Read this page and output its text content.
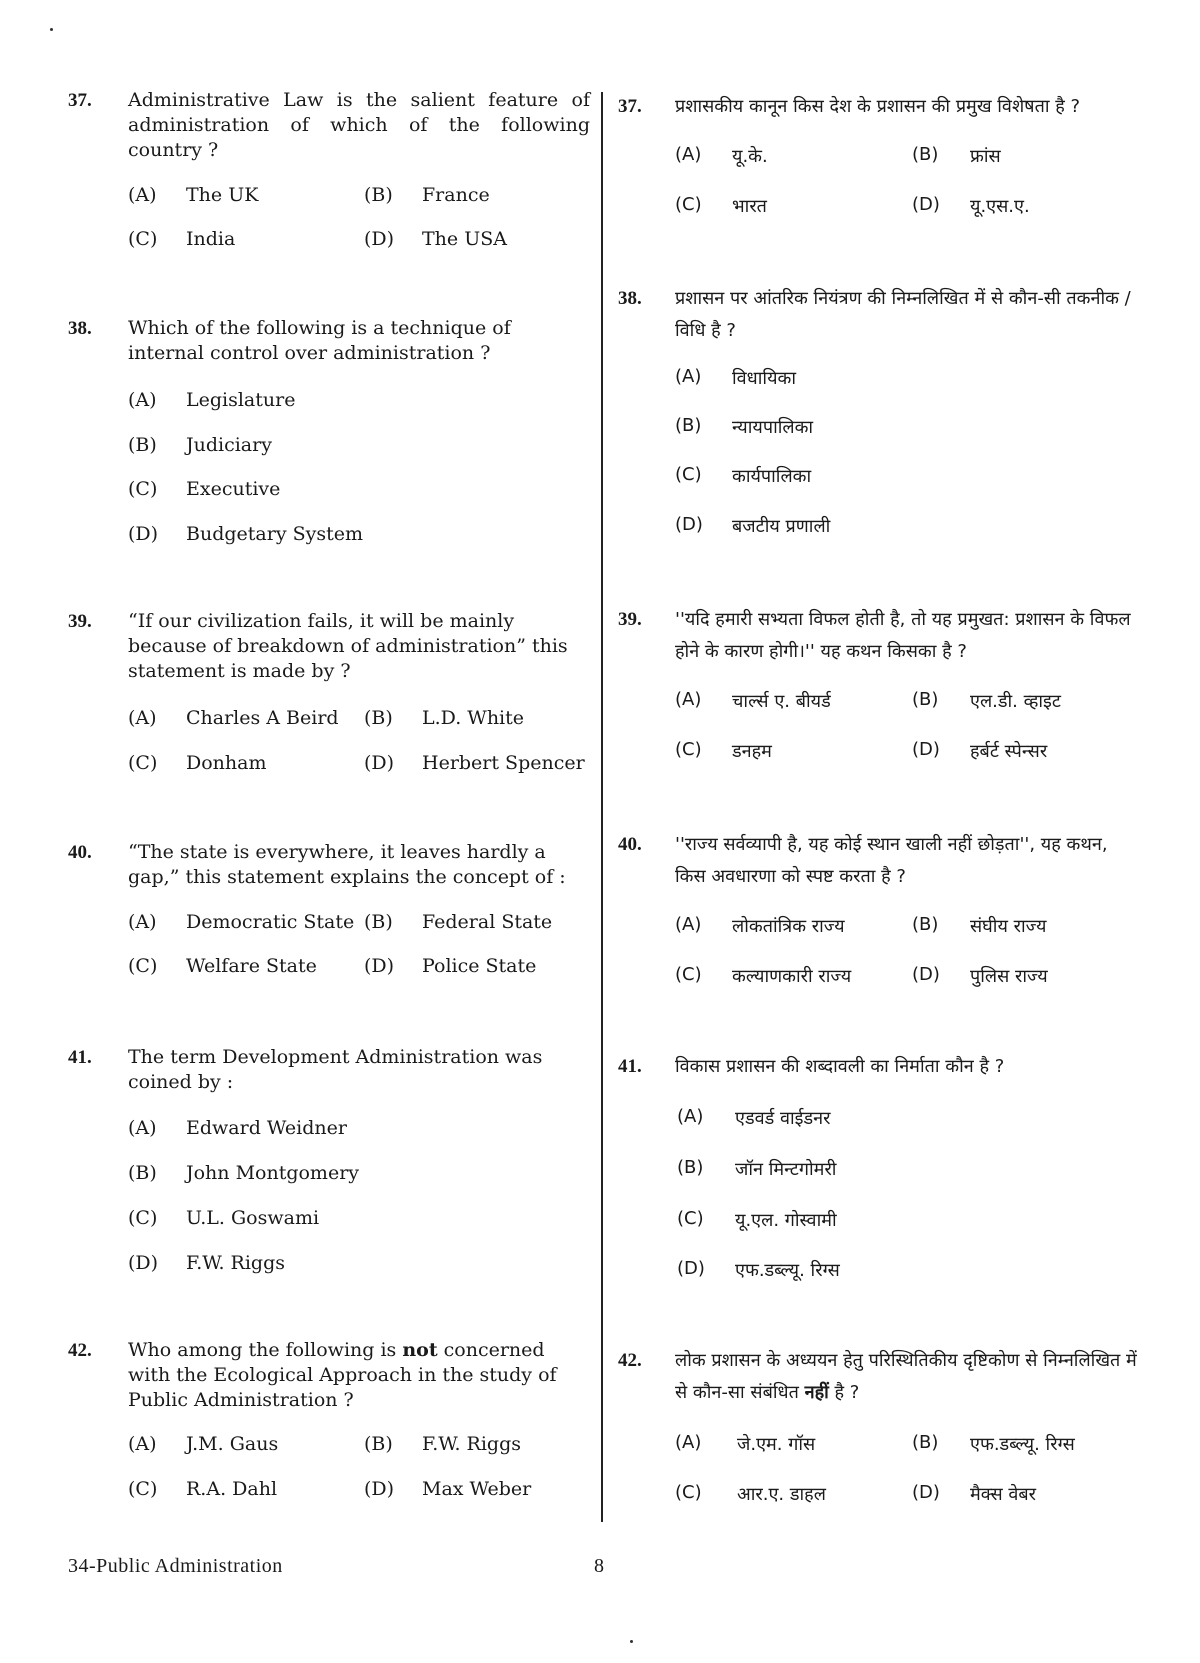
37. Administrative Law is the salient feature of administration of which of the following country ?
(A) The UK	(B) France
(C) India	(D) The USA
38. Which of the following is a technique of internal control over administration ?
(A) Legislature
(B) Judiciary
(C) Executive
(D) Budgetary System
39. “If our civilization fails, it will be mainly because of breakdown of administration” this statement is made by ?
(A) Charles A Beird (B) L.D. White
(C) Donham	(D) Herbert Spencer
40. “The state is everywhere, it leaves hardly a gap,” this statement explains the concept of :
(A) Democratic State (B) Federal State
(C) Welfare State (D) Police State
41. The term Development Administration was coined by :
(A) Edward Weidner
(B) John Montgomery
(C) U.L. Goswami
(D) F.W. Riggs
42. Who among the following is not concerned with the Ecological Approach in the study of Public Administration ?
(A) J.M. Gaus	(B) F.W. Riggs
(C) R.A. Dahl	(D) Max Weber
37. प्रशासकीय कानून किस देश के प्रशासन की प्रमुख विशेषता है ?
(A) यू.के.	(B) फ्रांस
(C) भारत	(D) यू.एस.ए.
38. प्रशासन पर आंतरिक नियंत्रण की निम्नलिखित में से कौन-सी तकनीक / विधि है ?
(A) विधायिका
(B) न्यायपालिका
(C) कार्यपालिका
(D) बजटीय प्रणाली
39. ''यदि हमारी सभ्यता विफल होती है, तो यह प्रमुखत: प्रशासन के विफल होने के कारण होगी।'' यह कथन किसका है ?
(A) चार्ल्स ए. बीयर्ड	(B) एल.डी. व्हाइट
(C) डनहम	(D) हर्बर्ट स्पेन्सर
40. ''राज्य सर्वव्यापी है, यह कोई स्थान खाली नहीं छोड़ता'', यह कथन, किस अवधारणा को स्पष्ट करता है ?
(A) लोकतांत्रिक राज्य	(B) संघीय राज्य
(C) कल्याणकारी राज्य	(D) पुलिस राज्य
41. विकास प्रशासन की शब्दावली का निर्माता कौन है ?
(A) एडवर्ड वाईडनर
(B) जॉन मिन्टगोमरी
(C) यू.एल. गोस्वामी
(D) एफ.डब्ल्यू. रिग्स
42. लोक प्रशासन के अध्ययन हेतु परिस्थितिकीय दृष्टिकोण से निम्नलिखित में से कौन-सा संबंधित नहीं है ?
(A) जे.एम. गॉस	(B) एफ.डब्ल्यू. रिग्स
(C) आर.ए. डाहल	(D) मैक्स वेबर
34-Public Administration	8
